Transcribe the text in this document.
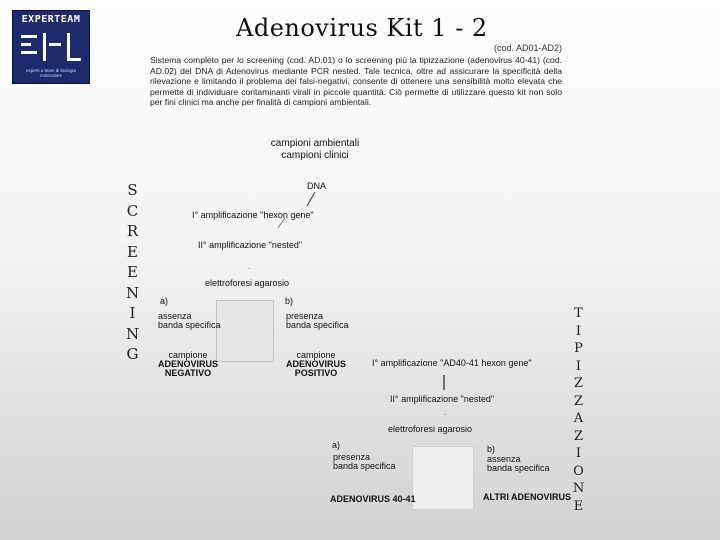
EXPERTEAM
esperti a team di biologia molecolare
Adenovirus Kit 1 - 2
(cod. AD01-AD2)
Sistema completo per lo screening (cod. AD.01) o lo screening più la tipizzazione (adenovirus 40-41) (cod. AD.02) del DNA di Adenovirus mediante PCR nested. Tale tecnica, oltre ad assicurare la specificità della rilevazione e limitando il problema dei falsi-negativi, consente di ottenere una sensibilità molto elevata che permette di individuare contaminanti virali in piccole quantità. Ciò permette di utilizzare questo kit non solo per fini clinici ma anche per finalità di campioni ambientali.
S
C
R
E
E
N
I
N
G
T
I
P
I
Z
Z
A
Z
I
O
N
E
campioni ambientali
campioni clinici
.
DNA
I° amplificazione "hexon gene"
II° amplificazione "nested"
.
elettroforesi agarosio
a)	b)
assenza
banda specifica
presenza
banda specifica
campione
ADENOVIRUS
NEGATIVO
campione
ADENOVIRUS
POSITIVO
I° amplificazione "AD40-41 hexon gene"
II° amplificazione "nested"
.
elettroforesi agarosio
a)	b)
presenza
banda specifica
assenza
banda specifica
ADENOVIRUS 40-41	ALTRI ADENOVIRUS
